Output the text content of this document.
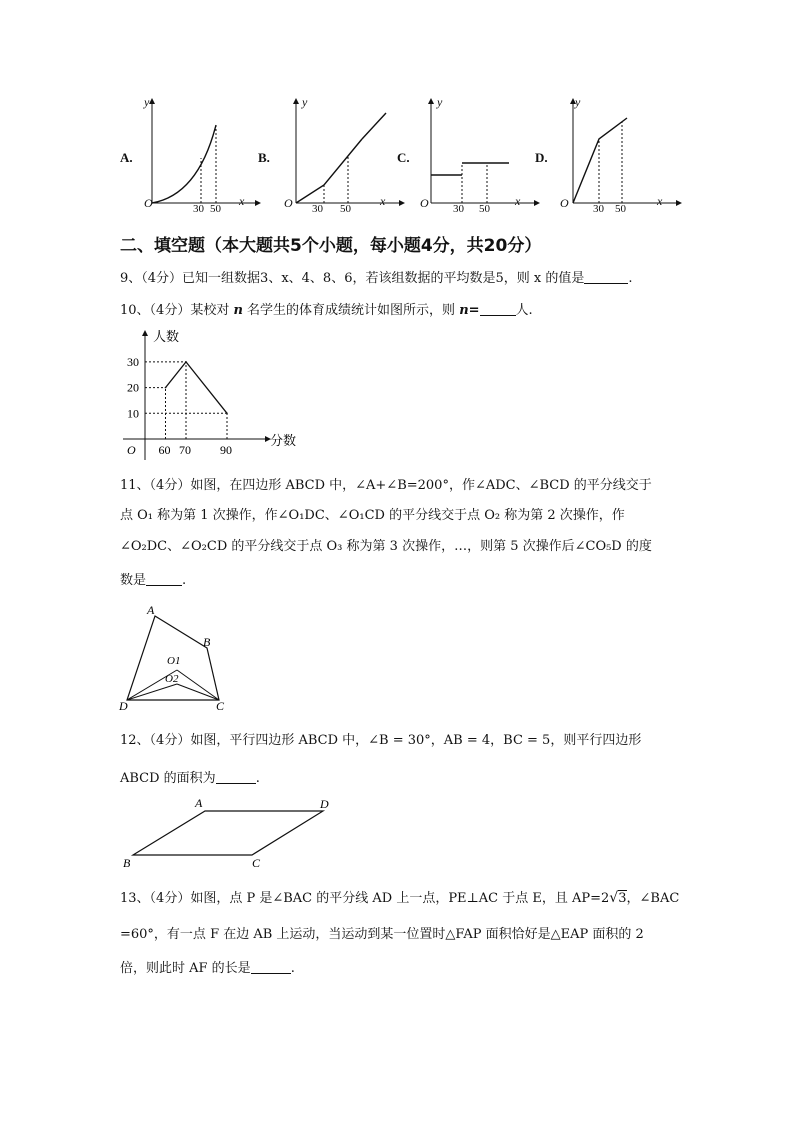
A.
y
O	x
30 50
B.
y
O	x
30 50
C.
y
O	x
30 50
D.
y
O	x
30 50
二、填空题（本大题共5个小题，每小题4分，共20分）
9、（4分）已知一组数据3、x、4、8、6，若该组数据的平均数是5，则 x 的值是	.
10、（4分）某校对 n 名学生的体育成绩统计如图所示，则 n=	人.
30
20
10
60 70 90
人数
分数
O
11、（4分）如图，在四边形 ABCD 中，∠A+∠B=200°，作∠ADC、∠BCD 的平分线交于
点 O₁ 称为第 1 次操作，作∠O₁DC、∠O₁CD 的平分线交于点 O₂ 称为第 2 次操作，作
∠O₂DC、∠O₂CD 的平分线交于点 O₃ 称为第 3 次操作，…，则第 5 次操作后∠CO₅D 的度
数是	.
A
B
C
D
O1
O2
12、（4分）如图，平行四边形 ABCD 中，∠B = 30°，AB = 4，BC = 5，则平行四边形
ABCD 的面积为	.
A	D
B	C
13、（4分）如图，点 P 是∠BAC 的平分线 AD 上一点，PE⊥AC 于点 E，且 AP=2√3，∠BAC
=60°，有一点 F 在边 AB 上运动，当运动到某一位置时△FAP 面积恰好是△EAP 面积的 2
倍，则此时 AF 的长是	.
